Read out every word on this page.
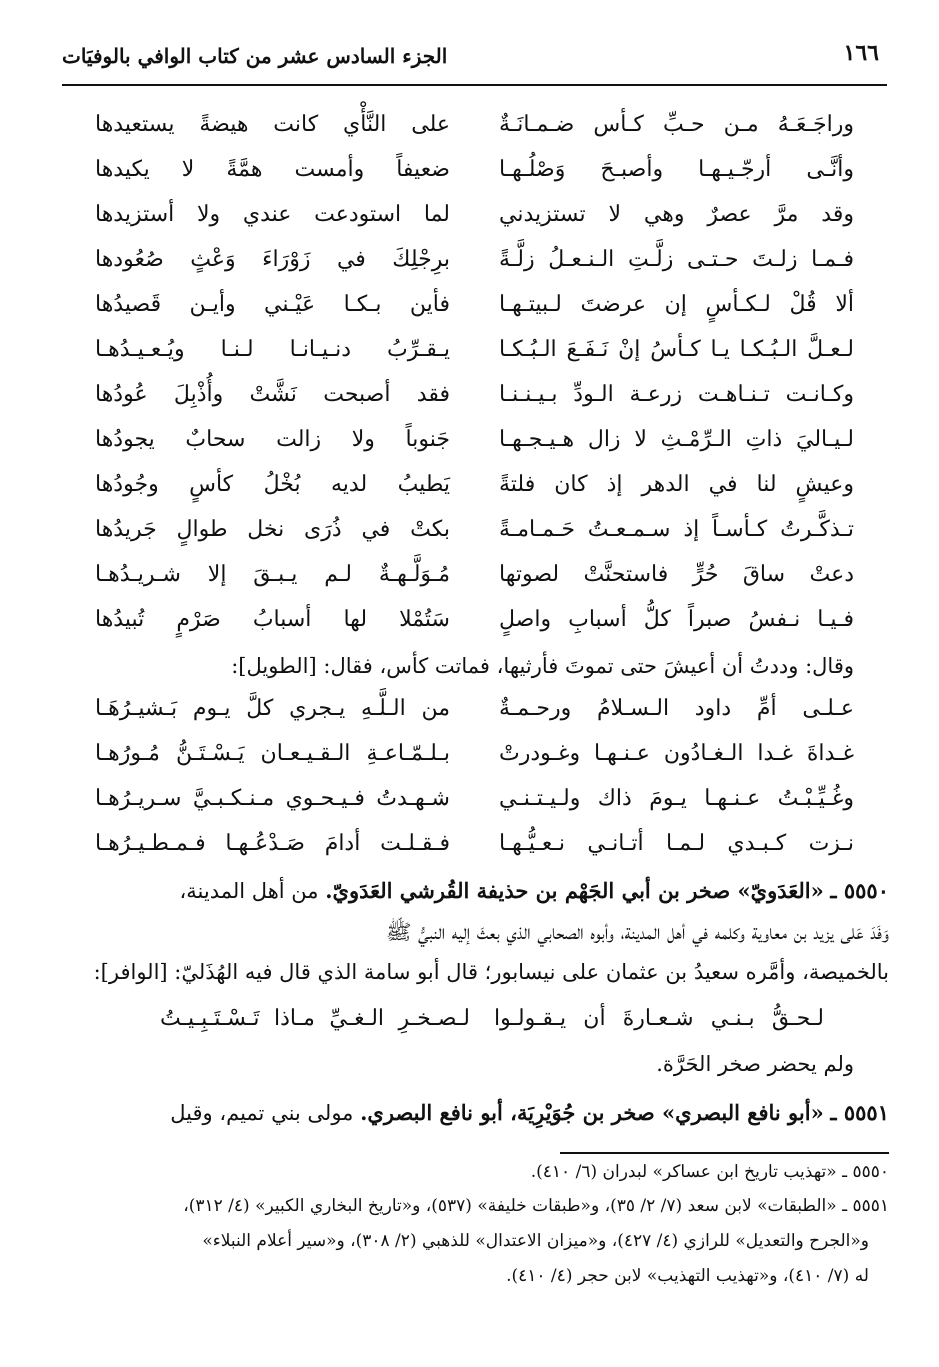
١٦٦
الجزء السادس عشر من كتاب الوافي بالوفيَات
وراجَـعَـهُ مـن حـبِّ كـأس ضـمـانَـةٌ
على النَّأْي كانت هيضةً يستعيدها
وأنَّـى أرجّـيـهـا وأصبـحَ وَصْلُـهـا
ضعيفاً وأمست همَّةً لا يكيدها
وقد مرَّ عصرٌ وهي لا تستزيدني
لما استودعت عندي ولا أستزيدها
فـمـا زلـتَ حـتـى زلَّـتِ الـنـعـلُ زلَّـةً
برِجْلِكَ في زَوْرَاءَ وَعْثٍ صُعُودها
ألا قُلْ لـكـأسٍ إن عرضتَ لـبيتـهـا
فأين بـكـا عَيْـني وأيـن قَصيدُها
لـعـلَّ الـبُـكـا يـا كـأسُ إنْ نَـفَـعَ الـبُـكـا
يـقـرِّبُ دنـيـانـا لـنـا ويُـعـيـدُهـا
وكـانـت تـنـاهـت زرعـة الـودِّ بـيـنـنـا
فقد أصبحت نَشَّتْ وأُذْبِلَ عُودُها
لـيـاليَ ذاتِ الـرِّمْـثِ لا زال هـيـجـهـا
جَنوباً ولا زالت سحابٌ يجودُها
وعيشٍ لنا في الدهر إذ كان فلتةً
يَطيبُ لديه بُخْلُ كأسٍ وجُودُها
تـذكَّـرتُ كـأسـاً إذ سـمـعـتُ حَـمـامـةً
بكتْ في ذُرَى نخل طوالٍ جَريدُها
دعتْ ساقَ حُرٍّ فاستحنَّتْ لصوتها
مُـوَلَّـهـةٌ لـم يـبـقَ إلا شـريـدُهـا
فـيـا نـفسُ صبراً كلُّ أسبابِ واصلٍ
سَتُمْلا لها أسبابُ صَرْمٍ تُبيدُها
وقال: وددتُ أن أعيشَ حتى تموتَ فأرثيها، فماتت كأس، فقال: [الطويل]:
عـلـى أمِّ داود الـسـلامُ ورحـمـةٌ
من الـلَّـهِ يـجري كلَّ يـوم بَـشيـرُهَـا
غـداةَ غـدا الـغـادُون عـنـهـا وغـودرتْ
بـلـمّـاعـةِ الـقـيـعـان يَـسْـتَـنُّ مُـورُهـا
وغُـيِّـبْـتُ عـنـهـا يـومَ ذاك ولـيـتـنـي
شـهـدتُ فـيـحـوي مـنـكـبـيَّ سـريـرُهـا
نـزت كـبـدي لـمـا أتـانـي نـعـيُّـهـا
فـقـلـت أدامَ صَـدْعُـهـا فـمـطـيـرُهـا
٥٥٥٠ ـ «العَدَويّ» صخر بن أبي الجَهْم بن حذيفة القُرشي العَدَويّ. من أهل المدينة،
وَفَدَ عَلى يزيد بن معاوية وكلمه في أهل المدينة، وأبوه الصحابي الذي بعثَ إليه النبيُّ ﷺ
بالخميصة، وأمَّره سعيدُ بن عثمان على نيسابور؛ قال أبو سامة الذي قال فيه الهُذَليّ: [الوافر]:
لـحـقُّ بـنـي شـعـارةَ أن يـقـولـوا
لـصـخـرِ الـغـيِّ مـاذا تَـسْـتَـبِـيـتُ
ولم يحضر صخر الحَرَّة.
٥٥٥١ ـ «أبو نافع البصري» صخر بن جُوَيْرِيَة، أبو نافع البصري. مولى بني تميم، وقيل
٥٥٥٠ ـ «تهذيب تاريخ ابن عساكر» لبدران (٦/ ٤١٠).
٥٥٥١ ـ «الطبقات» لابن سعد (٧/ ٢/ ٣٥)، و«طبقات خليفة» (٥٣٧)، و«تاريخ البخاري الكبير» (٤/ ٣١٢)،
و«الجرح والتعديل» للرازي (٤/ ٤٢٧)، و«ميزان الاعتدال» للذهبي (٢/ ٣٠٨)، و«سير أعلام النبلاء»
له (٧/ ٤١٠)، و«تهذيب التهذيب» لابن حجر (٤/ ٤١٠).
